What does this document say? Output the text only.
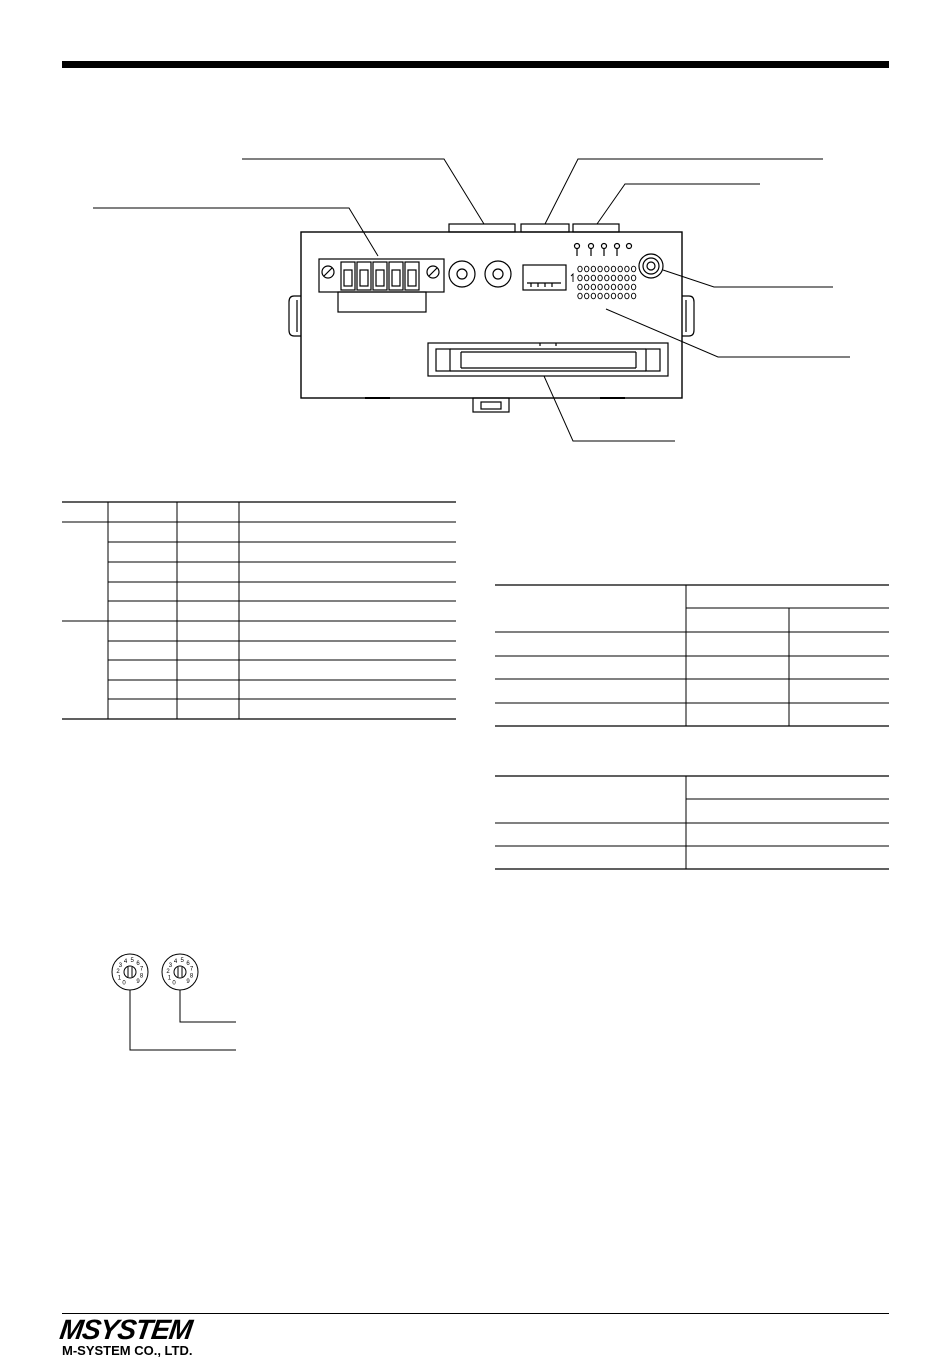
0
1
2
3
4 5 6
7
8
9	0
1
2
3
4 5 6
7
8
9
MSYSTEM
M-SYSTEM CO., LTD.
